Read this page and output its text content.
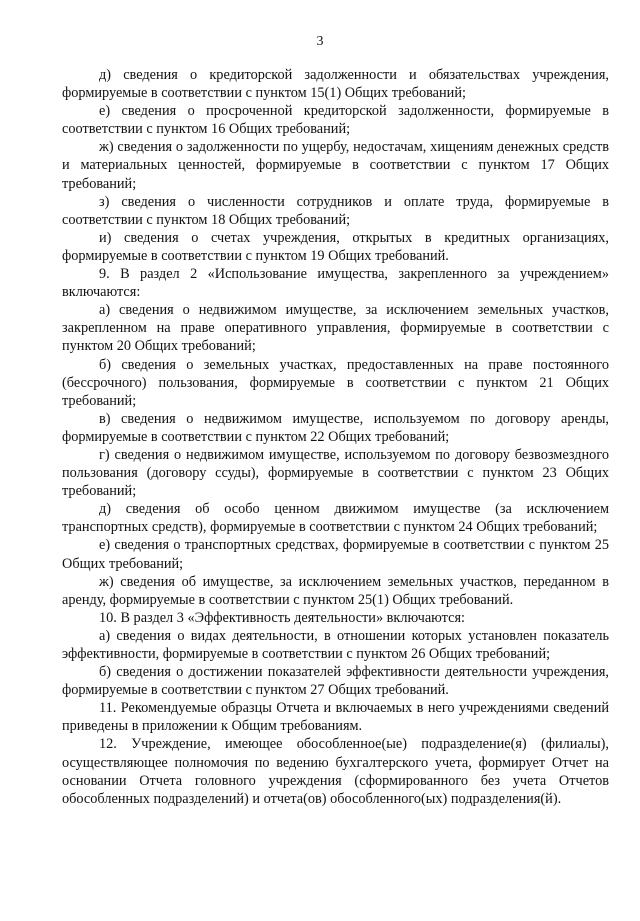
3

д) сведения о кредиторской задолженности и обязательствах учреждения, формируемые в соответствии с пунктом 15(1) Общих требований;

е) сведения о просроченной кредиторской задолженности, формируемые в соответствии с пунктом 16 Общих требований;

ж) сведения о задолженности по ущербу, недостачам, хищениям денежных средств и материальных ценностей, формируемые в соответствии с пунктом 17 Общих требований;

з) сведения о численности сотрудников и оплате труда, формируемые в соответствии с пунктом 18 Общих требований;

и) сведения о счетах учреждения, открытых в кредитных организациях, формируемые в соответствии с пунктом 19 Общих требований.

9. В раздел 2 «Использование имущества, закрепленного за учреждением» включаются:

а) сведения о недвижимом имуществе, за исключением земельных участков, закрепленном на праве оперативного управления, формируемые в соответствии с пунктом 20 Общих требований;

б) сведения о земельных участках, предоставленных на праве постоянного (бессрочного) пользования, формируемые в соответствии с пунктом 21 Общих требований;

в) сведения о недвижимом имуществе, используемом по договору аренды, формируемые в соответствии с пунктом 22 Общих требований;

г) сведения о недвижимом имуществе, используемом по договору безвозмездного пользования (договору ссуды), формируемые в соответствии с пунктом 23 Общих требований;

д) сведения об особо ценном движимом имуществе (за исключением транспортных средств), формируемые в соответствии с пунктом 24 Общих требований;

е) сведения о транспортных средствах, формируемые в соответствии с пунктом 25 Общих требований;

ж) сведения об имуществе, за исключением земельных участков, переданном в аренду, формируемые в соответствии с пунктом 25(1) Общих требований.

10. В раздел 3 «Эффективность деятельности» включаются:

а) сведения о видах деятельности, в отношении которых установлен показатель эффективности, формируемые в соответствии с пунктом 26 Общих требований;

б) сведения о достижении показателей эффективности деятельности учреждения, формируемые в соответствии с пунктом 27 Общих требований.

11. Рекомендуемые образцы Отчета и включаемых в него учреждениями сведений приведены в приложении к Общим требованиям.

12. Учреждение, имеющее обособленное(ые) подразделение(я) (филиалы), осуществляющее полномочия по ведению бухгалтерского учета, формирует Отчет на основании Отчета головного учреждения (сформированного без учета Отчетов обособленных подразделений) и отчета(ов) обособленного(ых) подразделения(й).
